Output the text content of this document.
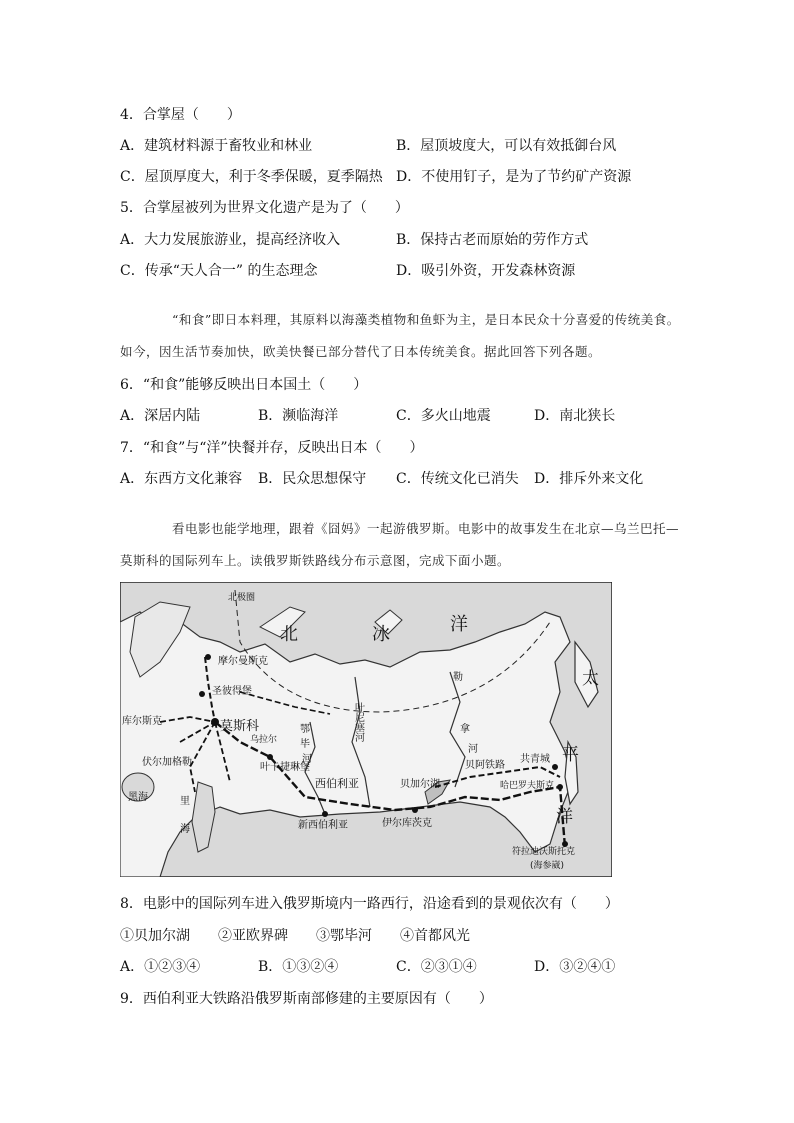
4．合掌屋（　　）
A．建筑材料源于畜牧业和林业	B．屋顶坡度大，可以有效抵御台风
C．屋顶厚度大，利于冬季保暖，夏季隔热 D．不使用钉子，是为了节约矿产资源
5．合掌屋被列为世界文化遗产是为了（　　）
A．大力发展旅游业，提高经济收入	B．保持古老而原始的劳作方式
C．传承“天人合一” 的生态理念	D．吸引外资，开发森林资源
“和食”即日本料理，其原料以海藻类植物和鱼虾为主，是日本民众十分喜爱的传统美食。如今，因生活节奏加快，欧美快餐已部分替代了日本传统美食。据此回答下列各题。
6．“和食”能够反映出日本国土（　　）
A．深居内陆	B．濒临海洋	C．多火山地震	D．南北狭长
7．“和食”与“洋”快餐并存，反映出日本（　　）
A．东西方文化兼容 B．民众思想保守 C．传统文化已消失 D．排斥外来文化
看电影也能学地理，跟着《囧妈》一起游俄罗斯。电影中的故事发生在北京—乌兰巴托—莫斯科的国际列车上。读俄罗斯铁路线分布示意图，完成下面小题。
北	冰	洋
太
平
洋
北极圈
摩尔曼斯克
圣彼得堡
莫斯科
库尔斯克
伏尔加格勒
黑海	里
海
乌拉尔
叶卡捷琳堡
鄂
毕
河
叶尼塞河
勒
拿
河
西伯利亚
新西伯利亚	伊尔库茨克
贝加尔湖
贝阿铁路
共青城
哈巴罗夫斯克
符拉迪沃斯托克
(海参崴)
8．电影中的国际列车进入俄罗斯境内一路西行，沿途看到的景观依次有（　　）
①贝加尔湖　　②亚欧界碑　　③鄂毕河　　④首都风光
A．①②③④	B．①③②④	C．②③①④	D．③②④①
9．西伯利亚大铁路沿俄罗斯南部修建的主要原因有（　　）
